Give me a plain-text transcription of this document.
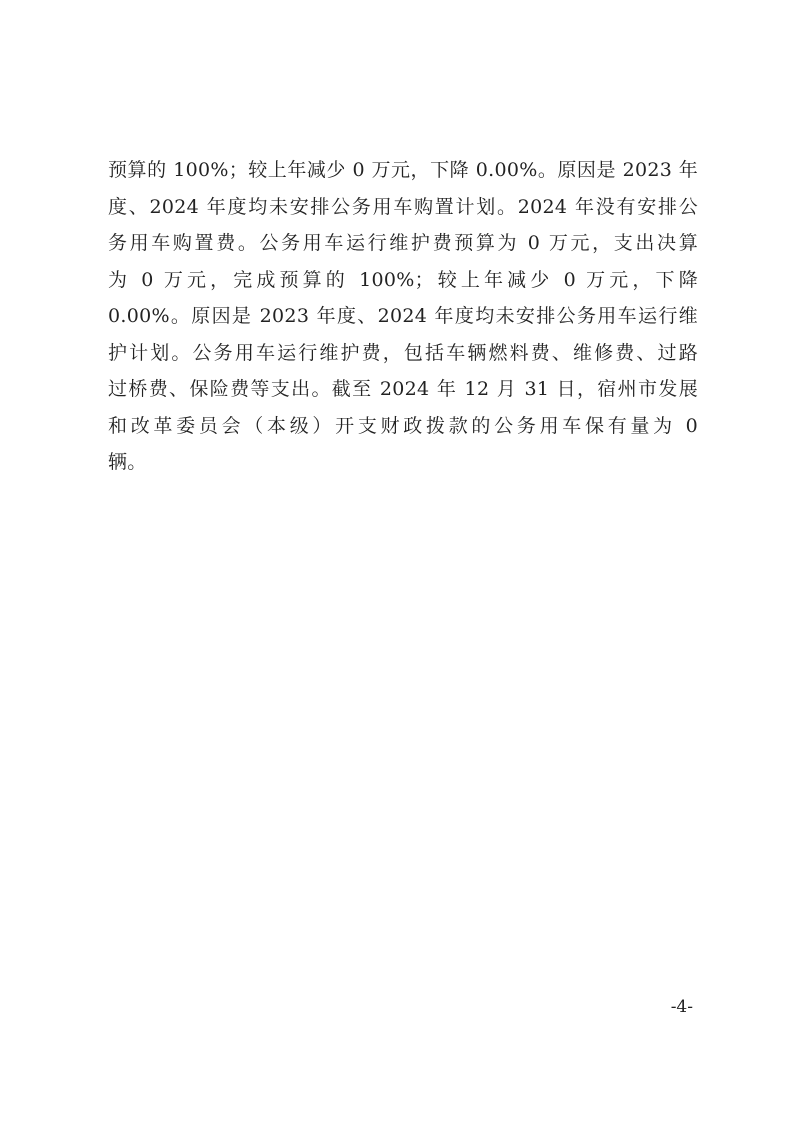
预算的 100%；较上年减少 0 万元，下降 0.00%。原因是 2023 年
度、2024 年度均未安排公务用车购置计划。2024 年没有安排公
务用车购置费。公务用车运行维护费预算为 0 万元，支出决算
为 0 万元，完成预算的 100%；较上年减少 0 万元，下降
0.00%。原因是 2023 年度、2024 年度均未安排公务用车运行维
护计划。公务用车运行维护费，包括车辆燃料费、维修费、过路
过桥费、保险费等支出。截至 2024 年 12 月 31 日，宿州市发展
和改革委员会（本级）开支财政拨款的公务用车保有量为 0
辆。
-4-
